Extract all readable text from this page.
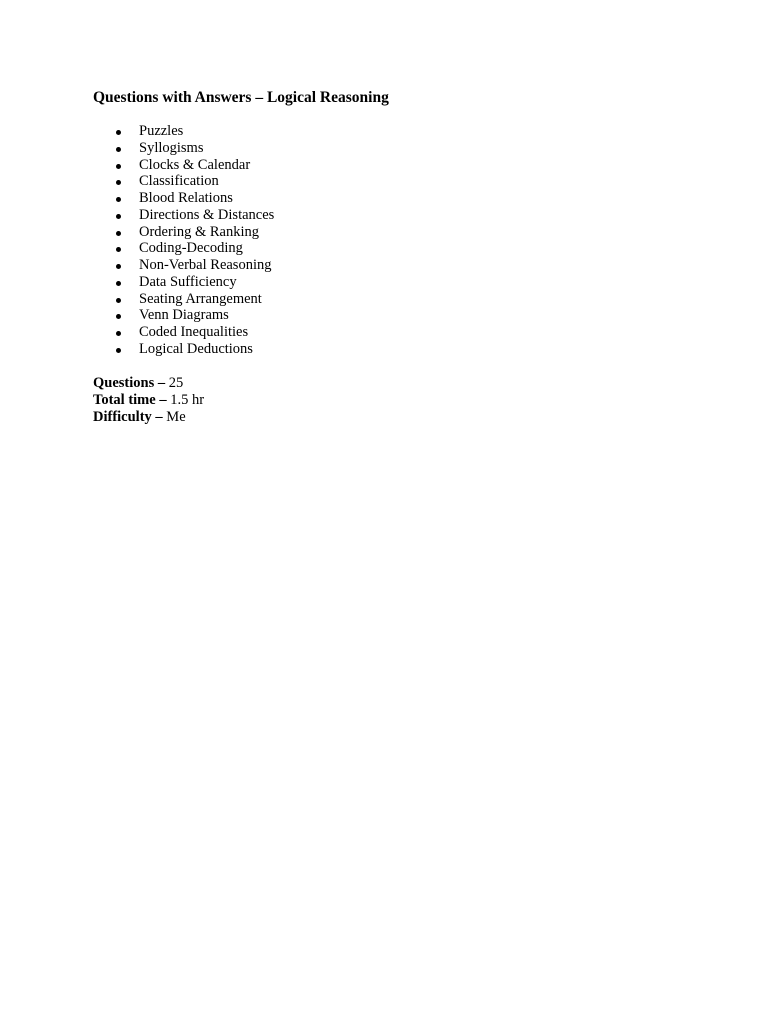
Questions with Answers – Logical Reasoning
Puzzles
Syllogisms
Clocks & Calendar
Classification
Blood Relations
Directions & Distances
Ordering & Ranking
Coding-Decoding
Non-Verbal Reasoning
Data Sufficiency
Seating Arrangement
Venn Diagrams
Coded Inequalities
Logical Deductions
Questions – 25
Total time – 1.5 hr
Difficulty – Me
